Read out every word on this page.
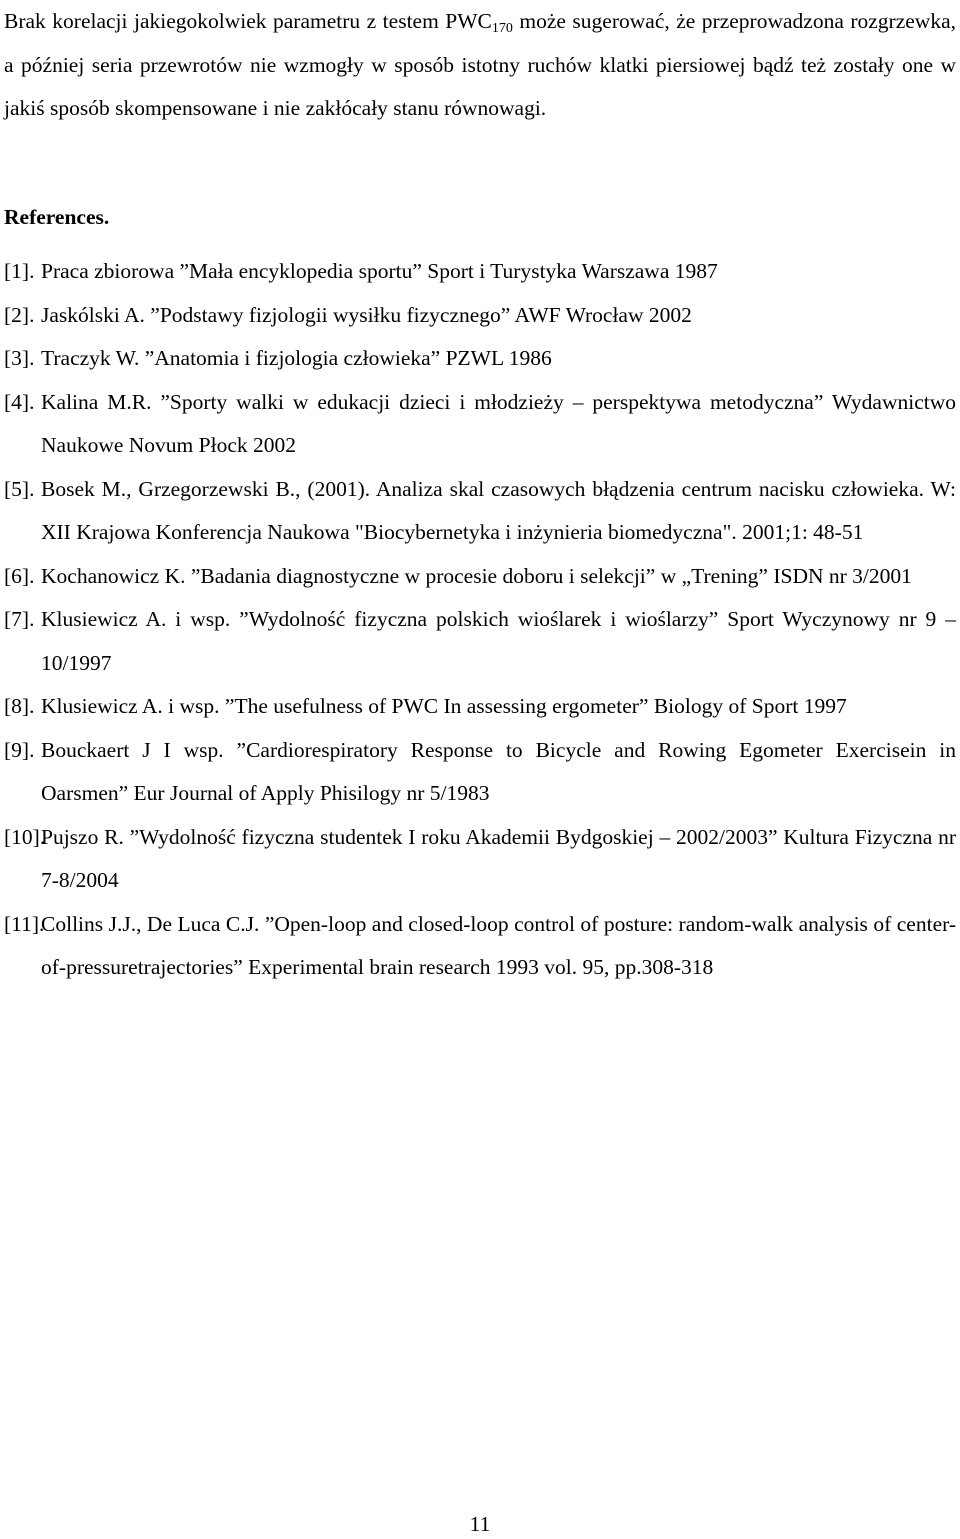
Brak korelacji jakiegokolwiek parametru z testem $PWC_{170}$ może sugerować, że przeprowadzona rozgrzewka, a później seria przewrotów nie wzmogły w sposób istotny ruchów klatki piersiowej bądź też zostały one w jakiś sposób skompensowane i nie zakłócały stanu równowagi.

References.
[1]. Praca zbiorowa ”Mała encyklopedia sportu” Sport i Turystyka Warszawa 1987
[2]. Jaskólski A. ”Podstawy fizjologii wysiłku fizycznego” AWF Wrocław 2002
[3]. Traczyk W. ”Anatomia i fizjologia człowieka” PZWL 1986
[4]. Kalina M.R. ”Sporty walki w edukacji dzieci i młodzieży – perspektywa metodyczna” Wydawnictwo Naukowe Novum Płock 2002
[5]. Bosek M., Grzegorzewski B., (2001). Analiza skal czasowych błądzenia centrum nacisku człowieka. W: XII Krajowa Konferencja Naukowa "Biocybernetyka i inżynieria biomedyczna". 2001;1: 48-51
[6]. Kochanowicz K. ”Badania diagnostyczne w procesie doboru i selekcji” w „Trening” ISDN nr 3/2001
[7]. Klusiewicz A. i wsp. ”Wydolność fizyczna polskich wioślarek i wioślarzy” Sport Wyczynowy nr 9 – 10/1997
[8]. Klusiewicz A. i wsp. ”The usefulness of PWC In assessing ergometer” Biology of Sport 1997
[9]. Bouckaert J I wsp. ”Cardiorespiratory Response to Bicycle and Rowing Egometer Exercisein in Oarsmen” Eur Journal of Apply Phisilogy nr 5/1983
[10].
Pujszo R. ”Wydolność fizyczna studentek I roku Akademii Bydgoskiej – 2002/2003” Kultura Fizyczna nr 7-8/2004
[11].
Collins J.J., De Luca C.J. ”Open-loop and closed-loop control of posture: random-walk analysis of center-of-pressuretrajectories” Experimental brain research 1993 vol. 95, pp.308-318
11
